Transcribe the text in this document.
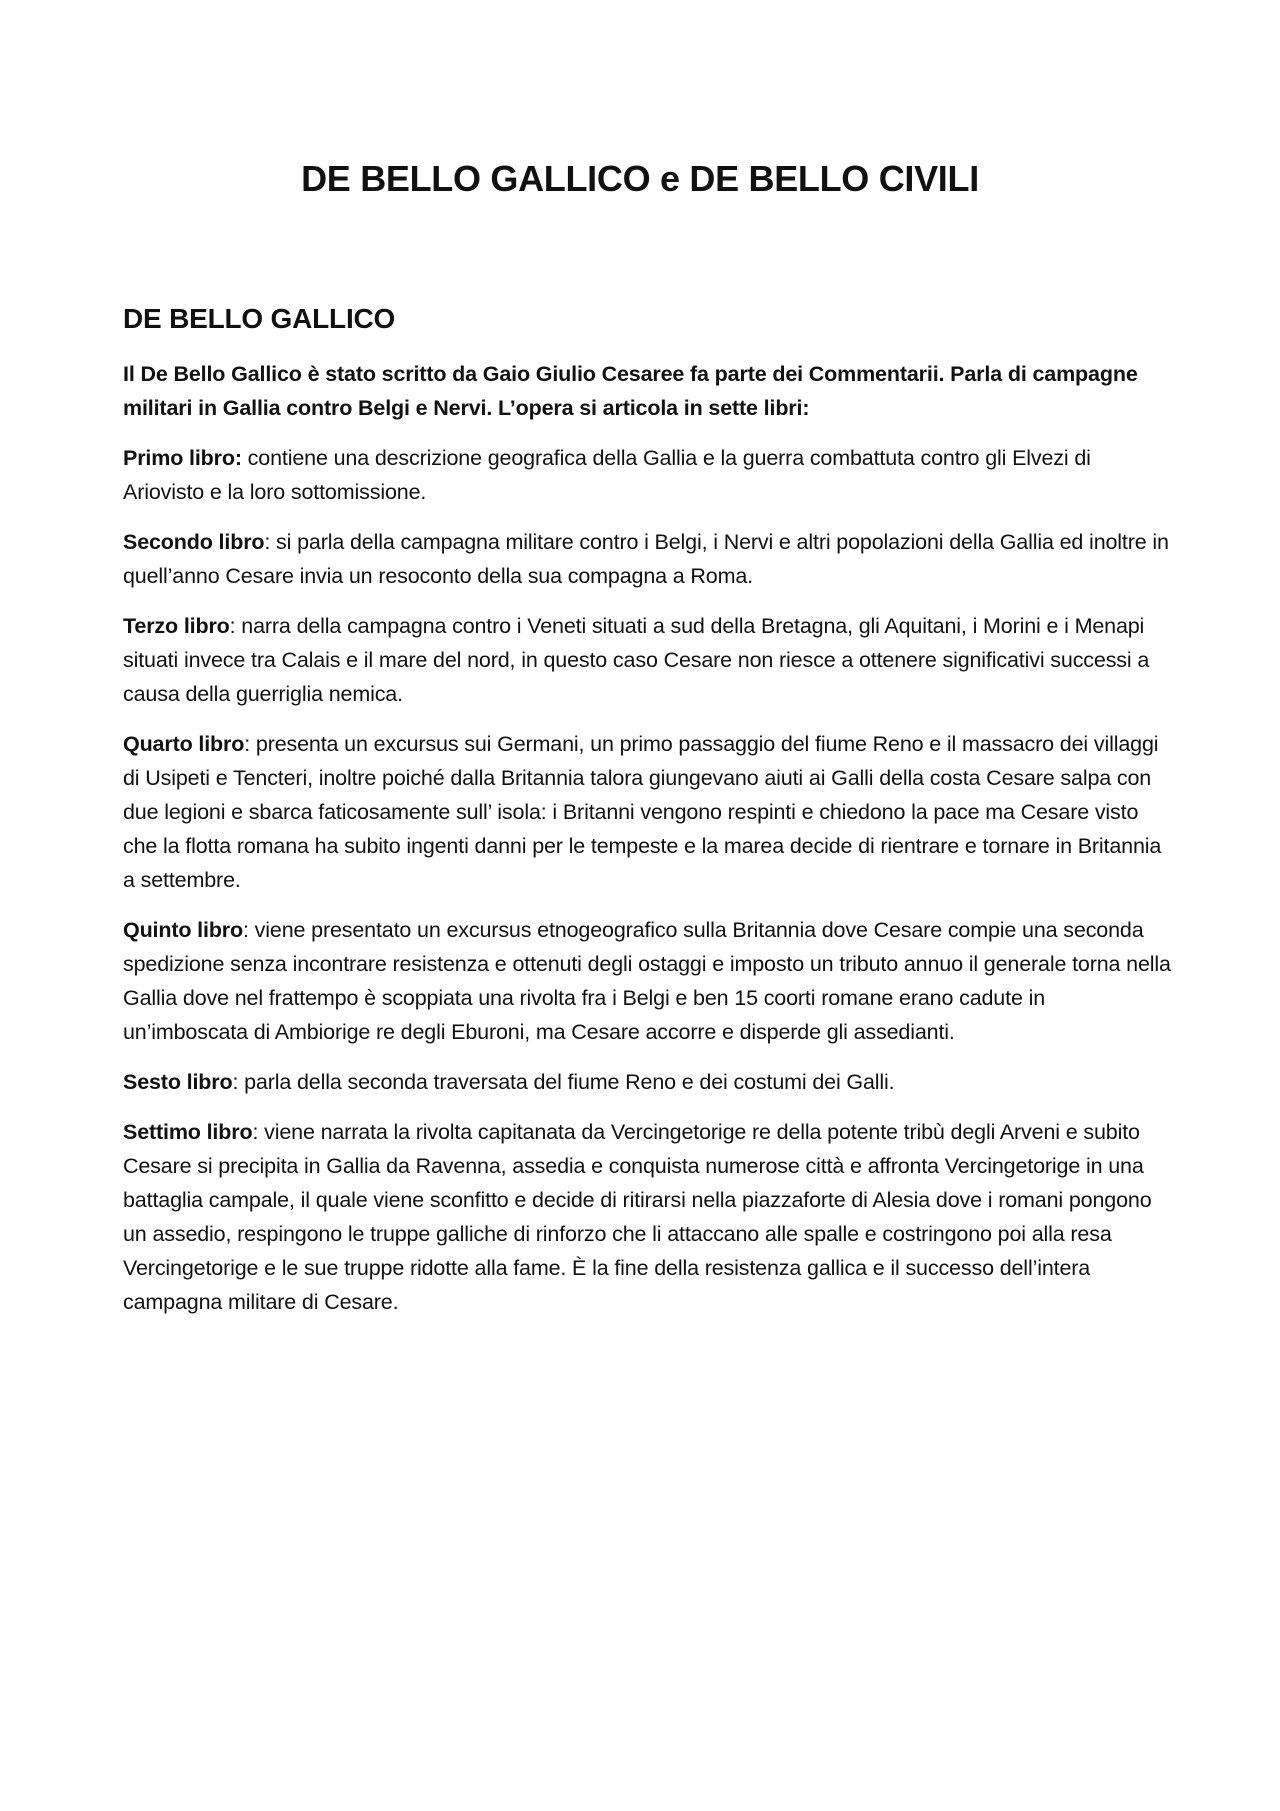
DE BELLO GALLICO e DE BELLO CIVILI
DE BELLO GALLICO

Il De Bello Gallico è stato scritto da Gaio Giulio Cesaree fa parte dei Commentarii. Parla di campagne militari in Gallia contro Belgi e Nervi. L’opera si articola in sette libri:

Primo libro: contiene una descrizione geografica della Gallia e la guerra combattuta contro gli Elvezi di Ariovisto e la loro sottomissione.

Secondo libro: si parla della campagna militare contro i Belgi, i Nervi e altri popolazioni della Gallia ed inoltre in quell’anno Cesare invia un resoconto della sua compagna a Roma.

Terzo libro: narra della campagna contro i Veneti situati a sud della Bretagna, gli Aquitani, i Morini e i Menapi situati invece tra Calais e il mare del nord, in questo caso Cesare non riesce a ottenere significativi successi a causa della guerriglia nemica.

Quarto libro: presenta un excursus sui Germani, un primo passaggio del fiume Reno e il massacro dei villaggi di Usipeti e Tencteri, inoltre poiché dalla Britannia talora giungevano aiuti ai Galli della costa Cesare salpa con due legioni e sbarca faticosamente sull’ isola: i Britanni vengono respinti e chiedono la pace ma Cesare visto che la flotta romana ha subito ingenti danni per le tempeste e la marea decide di rientrare e tornare in Britannia a settembre.

Quinto libro: viene presentato un excursus etnogeografico sulla Britannia dove Cesare compie una seconda spedizione senza incontrare resistenza e ottenuti degli ostaggi e imposto un tributo annuo il generale torna nella Gallia dove nel frattempo è scoppiata una rivolta fra i Belgi e ben 15 coorti romane erano cadute in un’imboscata di Ambiorige re degli Eburoni, ma Cesare accorre e disperde gli assedianti.

Sesto libro: parla della seconda traversata del fiume Reno e dei costumi dei Galli.

Settimo libro: viene narrata la rivolta capitanata da Vercingetorige re della potente tribù degli Arveni e subito Cesare si precipita in Gallia da Ravenna, assedia e conquista numerose città e affronta Vercingetorige in una battaglia campale, il quale viene sconfitto e decide di ritirarsi nella piazzaforte di Alesia dove i romani pongono un assedio, respingono le truppe galliche di rinforzo che li attaccano alle spalle e costringono poi alla resa Vercingetorige e le sue truppe ridotte alla fame. È la fine della resistenza gallica e il successo dell’intera campagna militare di Cesare.
